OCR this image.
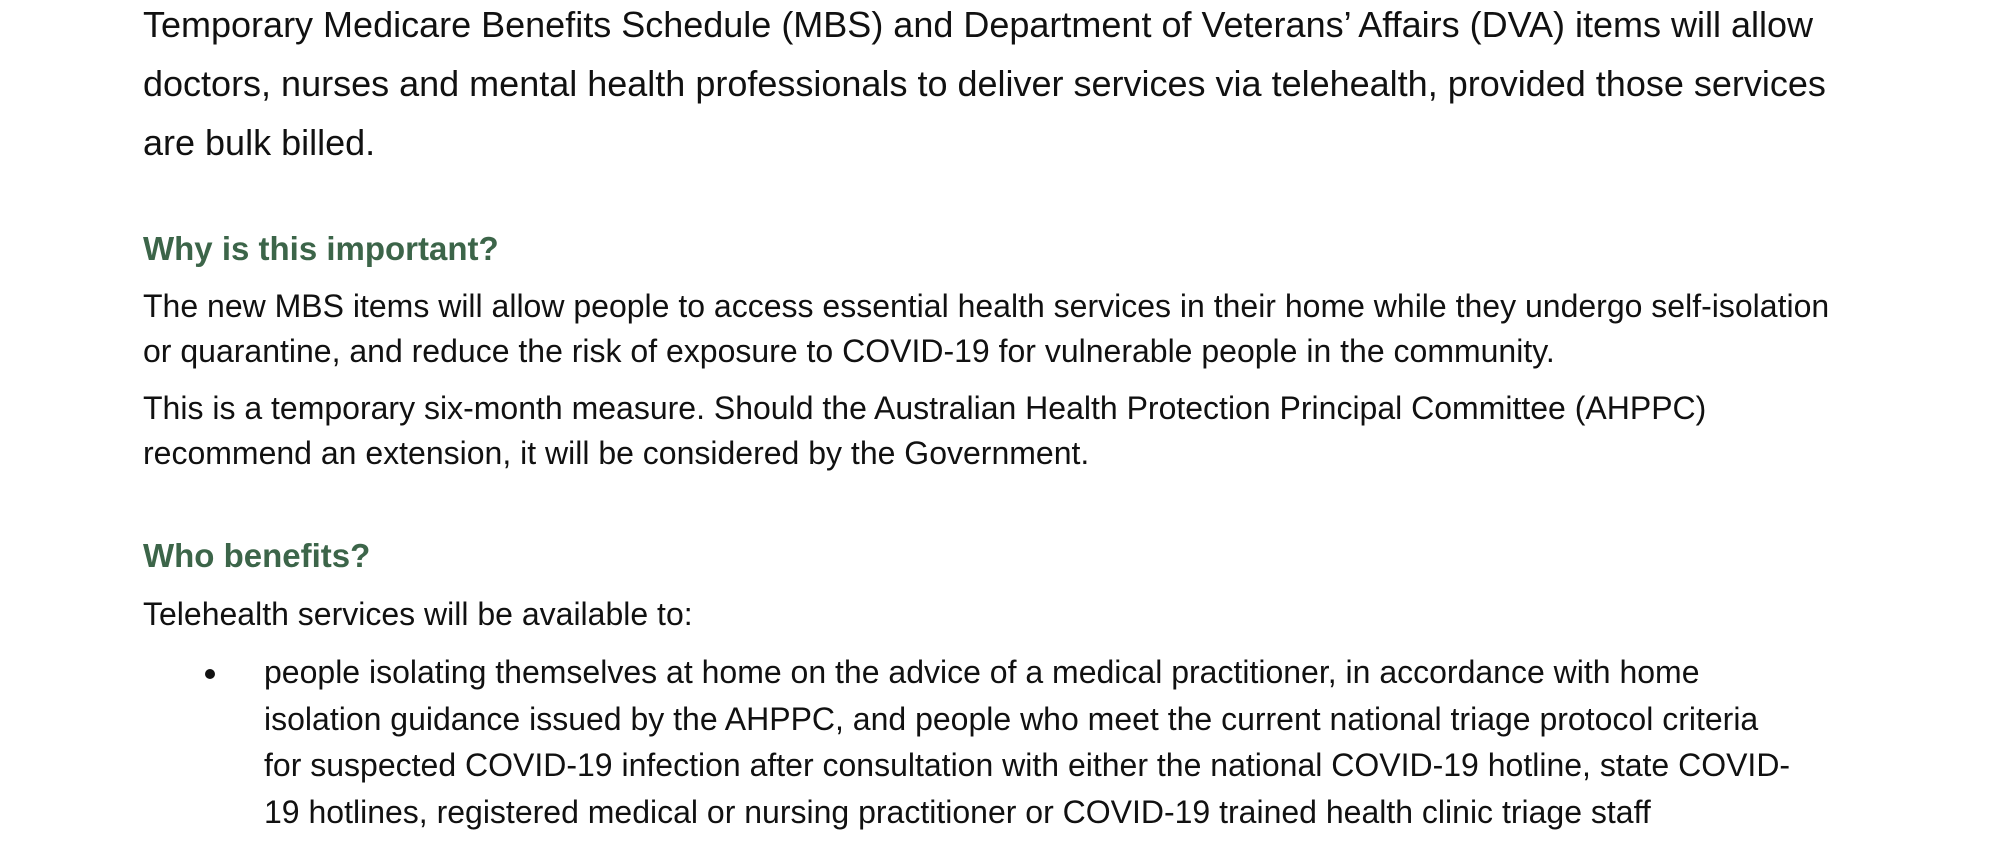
Temporary Medicare Benefits Schedule (MBS) and Department of Veterans’ Affairs (DVA) items will allow doctors, nurses and mental health professionals to deliver services via telehealth, provided those services are bulk billed.

Why is this important?

The new MBS items will allow people to access essential health services in their home while they undergo self-isolation or quarantine, and reduce the risk of exposure to COVID-19 for vulnerable people in the community.

This is a temporary six-month measure. Should the Australian Health Protection Principal Committee (AHPPC) recommend an extension, it will be considered by the Government.

Who benefits?

Telehealth services will be available to:

people isolating themselves at home on the advice of a medical practitioner, in accordance with home isolation guidance issued by the AHPPC, and people who meet the current national triage protocol criteria for suspected COVID-19 infection after consultation with either the national COVID-19 hotline, state COVID-19 hotlines, registered medical or nursing practitioner or COVID-19 trained health clinic triage staff
